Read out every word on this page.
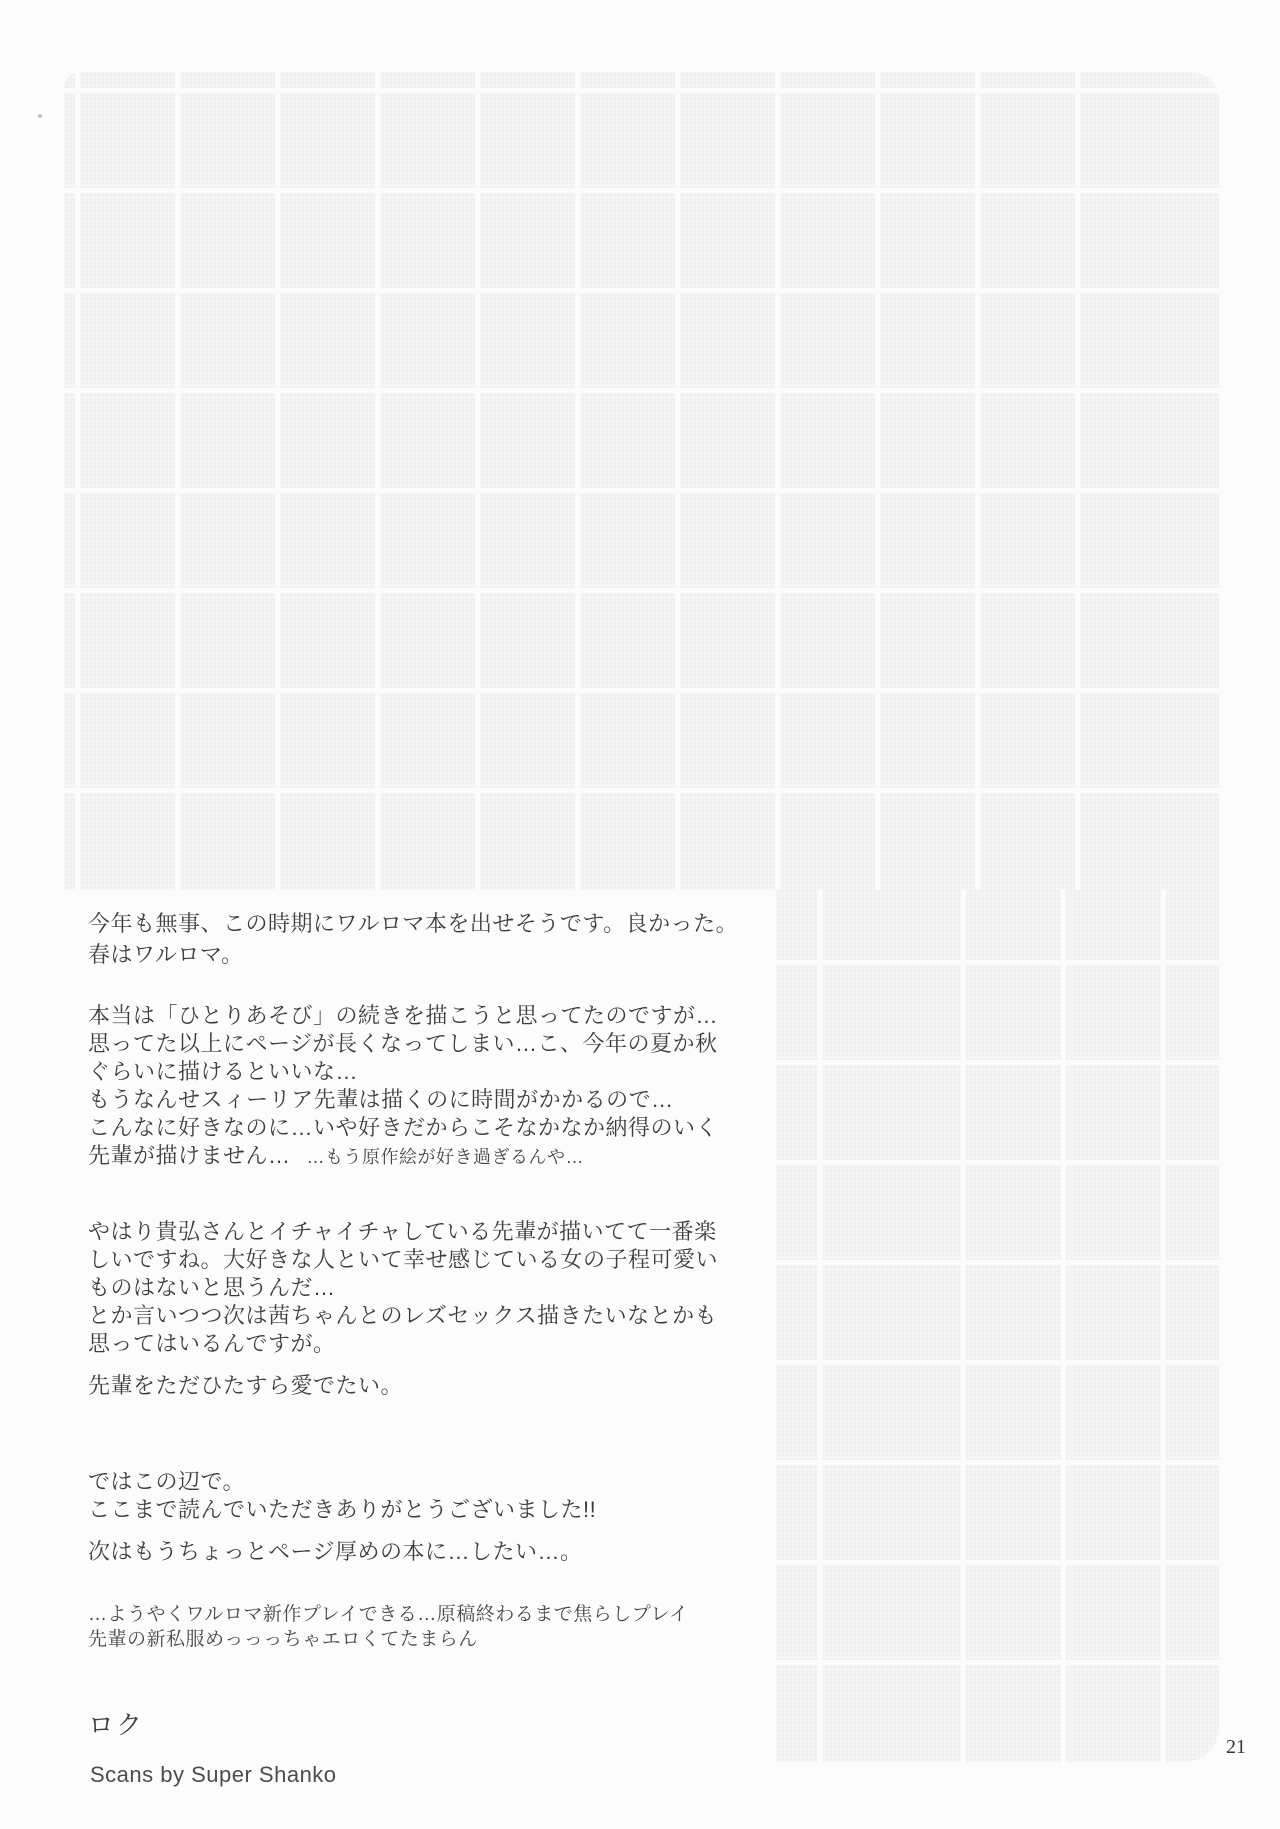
今年も無事、この時期にワルロマ本を出せそうです。良かった。
春はワルロマ。
本当は「ひとりあそび」の続きを描こうと思ってたのですが…
思ってた以上にページが長くなってしまい…こ、今年の夏か秋
ぐらいに描けるといいな…
もうなんせスィーリア先輩は描くのに時間がかかるので…
こんなに好きなのに…いや好きだからこそなかなか納得のいく
先輩が描けません… …もう原作絵が好き過ぎるんや…
やはり貴弘さんとイチャイチャしている先輩が描いてて一番楽
しいですね。大好きな人といて幸せ感じている女の子程可愛い
ものはないと思うんだ…
とか言いつつ次は茜ちゃんとのレズセックス描きたいなとかも
思ってはいるんですが。
先輩をただひたすら愛でたい。
ではこの辺で。
ここまで読んでいただきありがとうございました!!
次はもうちょっとページ厚めの本に…したい…。
…ようやくワルロマ新作プレイできる…原稿終わるまで焦らしプレイ
先輩の新私服めっっっちゃエロくてたまらん
ロク
Scans by Super Shanko
21
